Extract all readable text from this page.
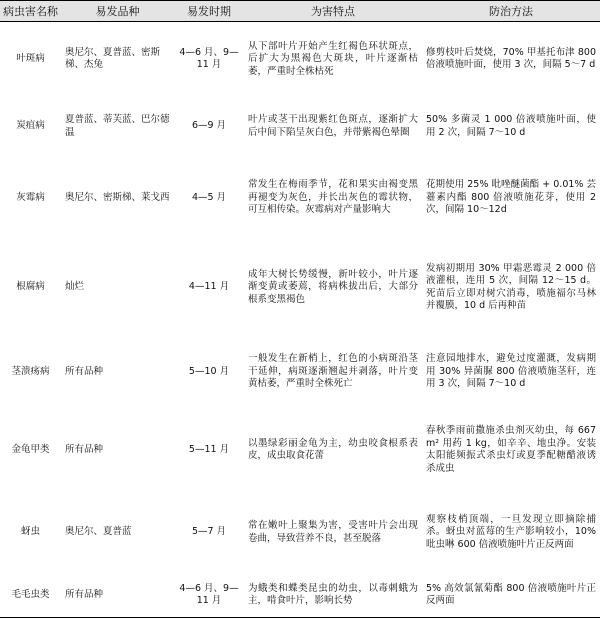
病虫害名称	易发品种	易发时期	为害特点	防治方法
叶斑病	奥尼尔、夏普蓝、密斯梯、杰兔	4—6 月、9—11 月	从下部叶片开始产生红褐色环状斑点，后扩大为黑褐色大斑块，叶片逐渐枯萎，严重时全株枯死	修剪枝叶后焚烧，70% 甲基托布津 800 倍液喷施叶面，使用 3 次，间隔 5～7 d
炭疽病	夏普蓝、蒂芙蓝、巴尔德温	6—9 月	叶片或茎干出现紫红色斑点，逐渐扩大后中间下陷呈灰白色，并带紫褐色晕圈	50% 多菌灵 1 000 倍液喷施叶面，使用 2 次，间隔 7～10 d
灰霉病	奥尼尔、密斯梯、莱戈西	4—5 月	常发生在梅雨季节，花和果实由褐变黑再褪变为灰色，并长出灰色的霉状物，可互相传染。灰霉病对产量影响大	花期使用 25% 吡唑醚菌酯 + 0.01% 芸薹素内酯 800 倍液喷施花芽，使用 2 次，间隔 10～12d
根腐病	灿烂	4—11 月	成年大树长势缓慢，新叶较小，叶片逐渐变黄或萎蔫，将病株拔出后，大部分根系变黑褐色	发病初期用 30% 甲霜恶霉灵 2 000 倍液灌根，连用 5 次，间隔 12～15 d。死苗后立即对树穴消毒，喷施福尔马林并覆膜，10 d 后再种苗
茎溃疡病	所有品种	5—10 月	一般发生在新梢上，红色的小病斑沿茎干延伸，病斑逐渐翘起并剥落，叶片变黄枯萎，严重时全株死亡	注意园地排水，避免过度灌溉，发病期用 30% 异菌脲 800 倍液喷施茎秆，连用 3 次，间隔 7～10 d
金龟甲类	所有品种	5—11 月	以墨绿彩丽金龟为主，幼虫咬食根系表皮，成虫取食花蕾	春秋季雨前撒施杀虫剂灭幼虫，每 667 m² 用药 1 kg，如辛辛、地虫净。安装太阳能频振式杀虫灯或夏季配糖醋液诱杀成虫
蚜虫	奥尼尔、夏普蓝	5—7 月	常在嫩叶上聚集为害，受害叶片会出现卷曲，导致营养不良，甚至脱落	观察枝梢顶端，一旦发现立即摘除捕杀。蚜虫对蓝莓的生产影响较小，10% 吡虫啉 600 倍液喷施叶片正反两面
毛毛虫类	所有品种	4—6 月、9—11 月	为蛾类和蝶类昆虫的幼虫，以毒刺蛾为主，啃食叶片，影响长势	5% 高效氯氰菊酯 800 倍液喷施叶片正反两面
